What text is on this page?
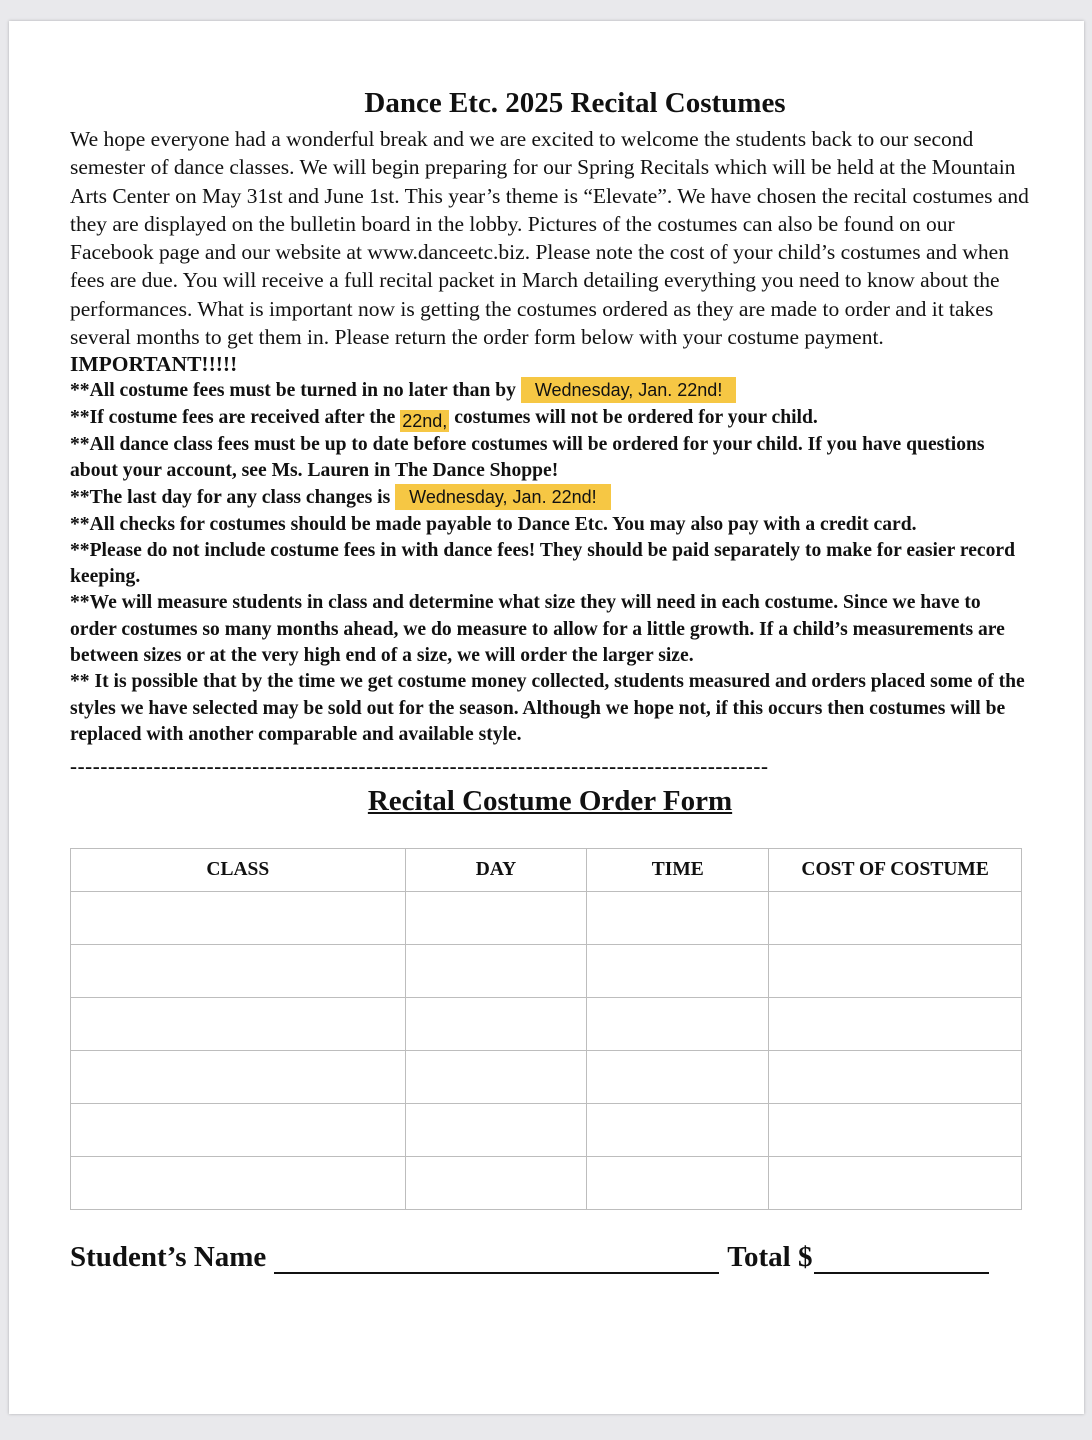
Dance Etc. 2025 Recital Costumes

We hope everyone had a wonderful break and we are excited to welcome the students back to our second semester of dance classes. We will begin preparing for our Spring Recitals which will be held at the Mountain Arts Center on May 31st and June 1st. This year’s theme is “Elevate”. We have chosen the recital costumes and they are displayed on the bulletin board in the lobby. Pictures of the costumes can also be found on our Facebook page and our website at www.danceetc.biz. Please note the cost of your child’s costumes and when fees are due. You will receive a full recital packet in March detailing everything you need to know about the performances. What is important now is getting the costumes ordered as they are made to order and it takes several months to get them in. Please return the order form below with your costume payment.

IMPORTANT!!!!!

**All costume fees must be turned in no later than by Wednesday, Jan. 22nd!

**If costume fees are received after the 22nd, costumes will not be ordered for your child.

**All dance class fees must be up to date before costumes will be ordered for your child. If you have questions about your account, see Ms. Lauren in The Dance Shoppe!

**The last day for any class changes is Wednesday, Jan. 22nd!

**All checks for costumes should be made payable to Dance Etc. You may also pay with a credit card.

**Please do not include costume fees in with dance fees! They should be paid separately to make for easier record keeping.

**We will measure students in class and determine what size they will need in each costume. Since we have to order costumes so many months ahead, we do measure to allow for a little growth. If a child’s measurements are between sizes or at the very high end of a size, we will order the larger size.

** It is possible that by the time we get costume money collected, students measured and orders placed some of the styles we have selected may be sold out for the season. Although we hope not, if this occurs then costumes will be replaced with another comparable and available style.

--------------------------------------------------------------------------------------------
Recital Costume Order Form
CLASS	DAY	TIME	COST OF COSTUME

Student’s Name	Total $
